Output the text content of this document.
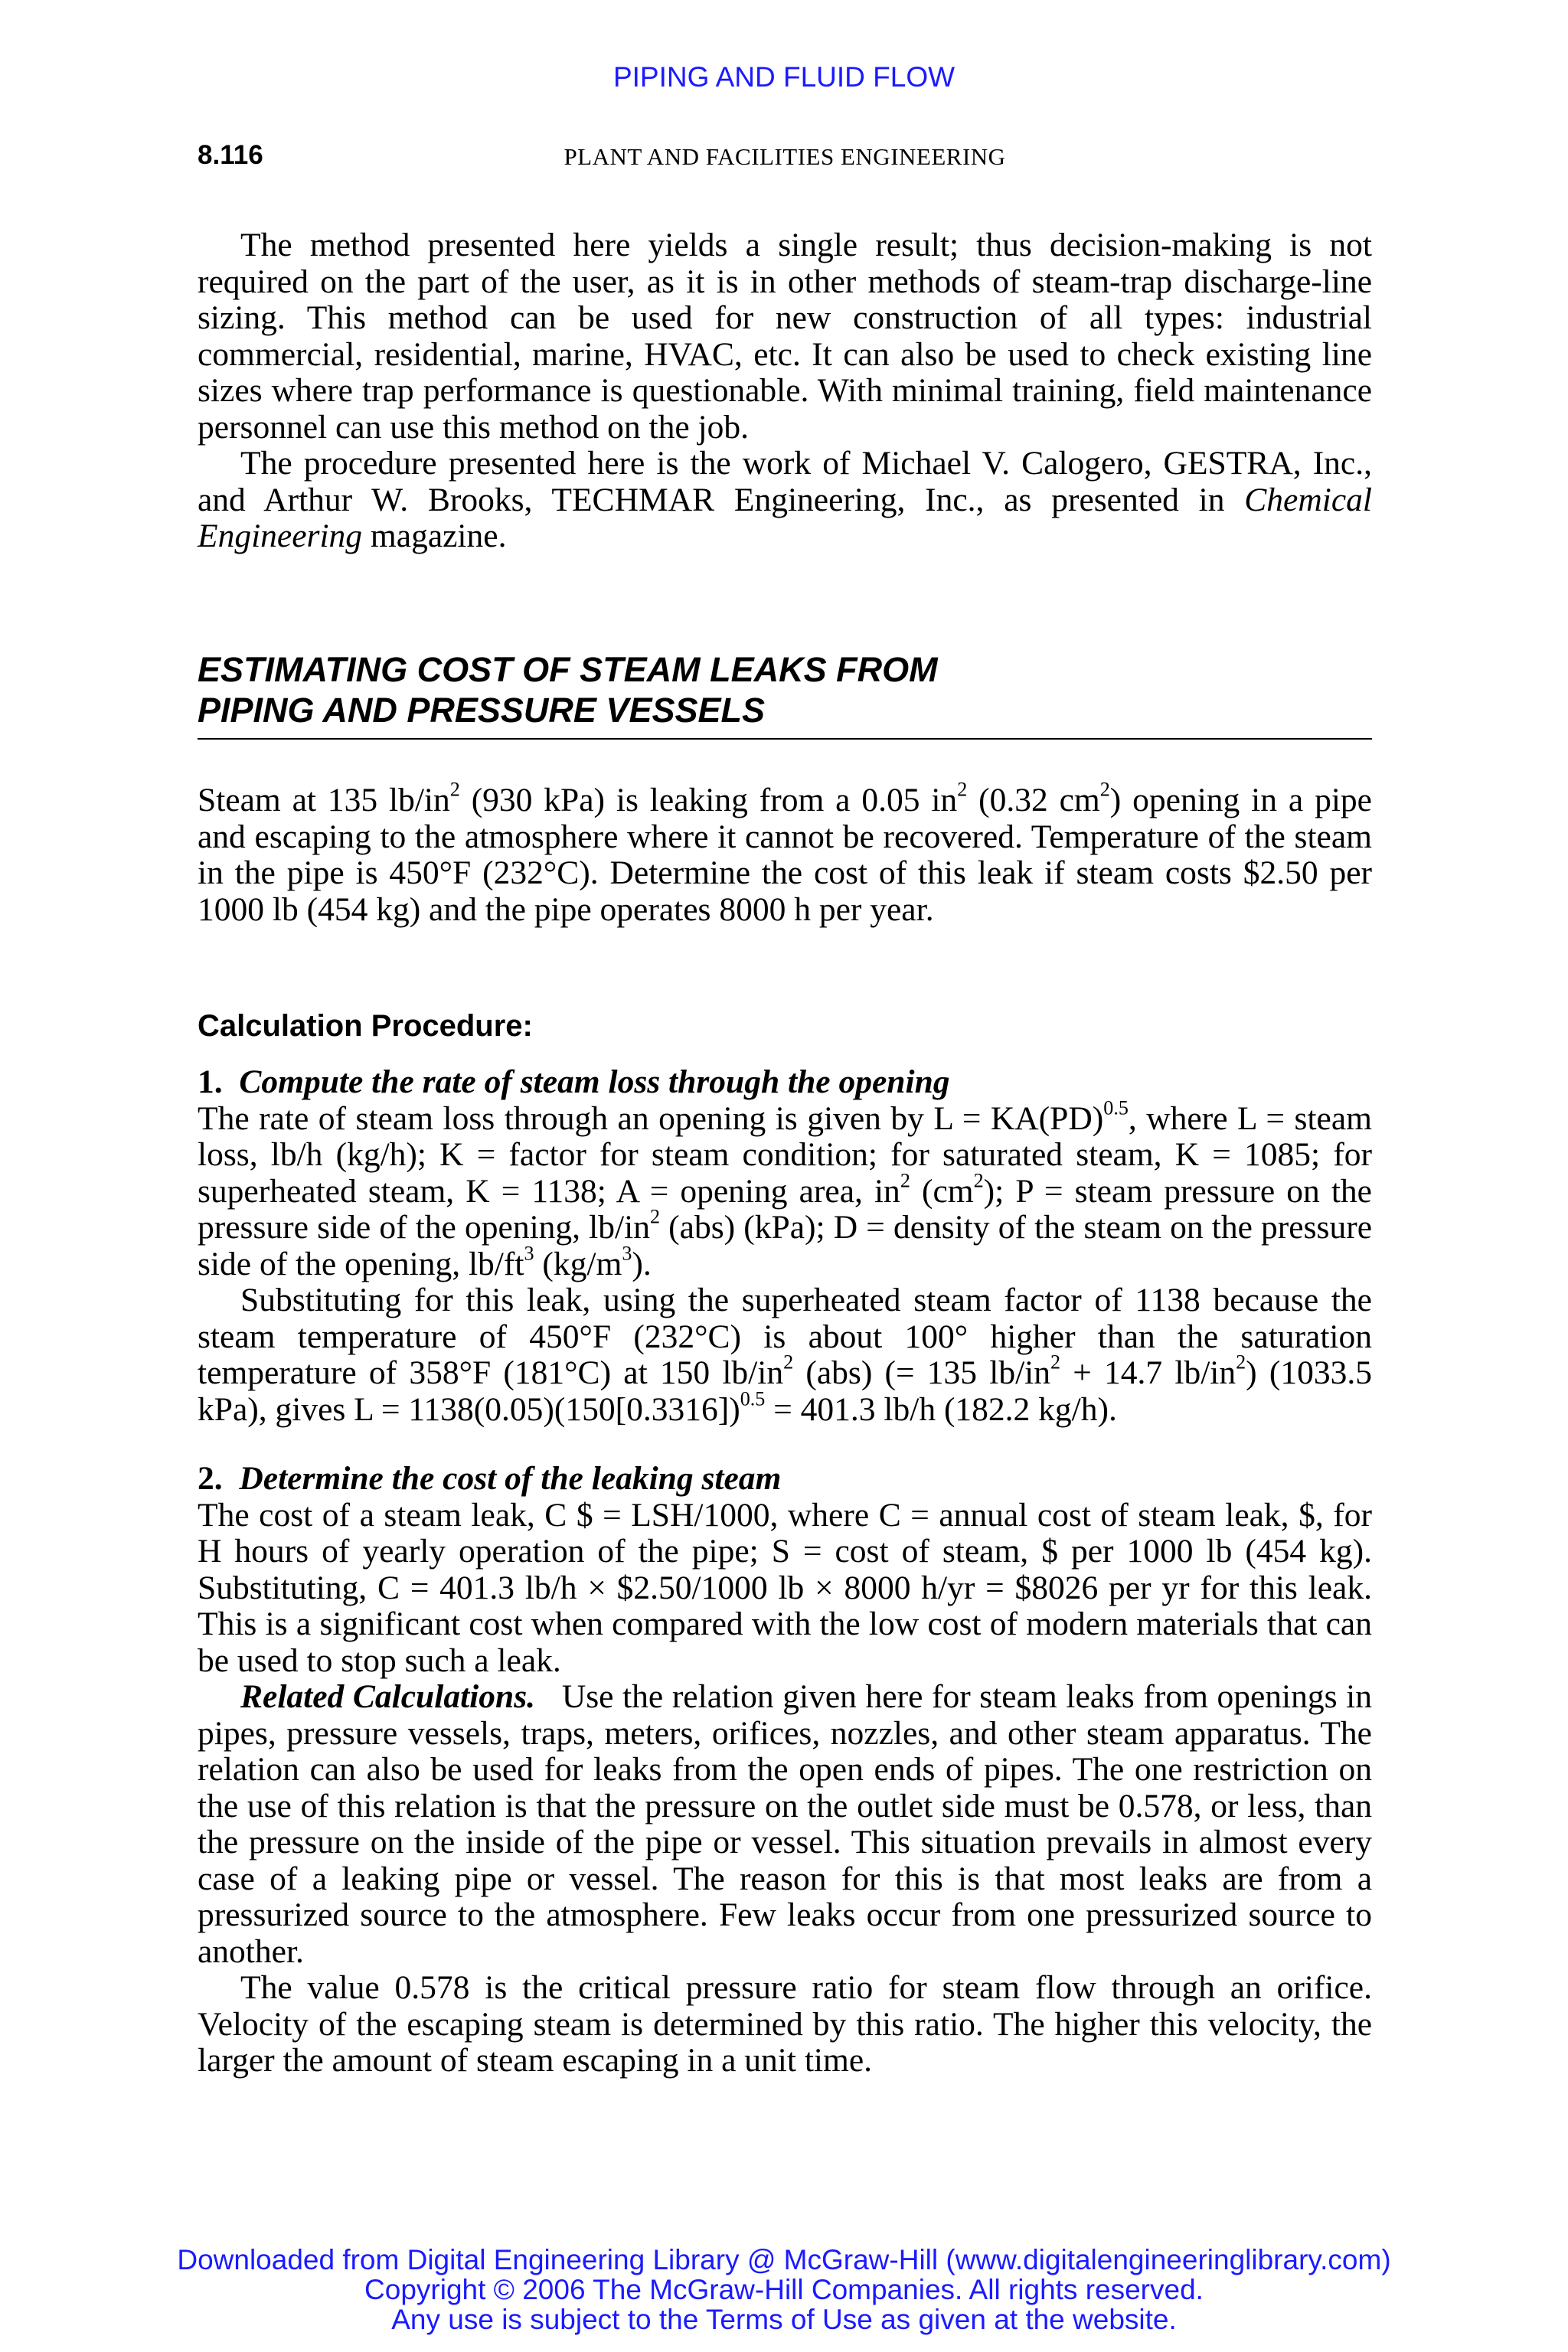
PIPING AND FLUID FLOW
8.116	PLANT AND FACILITIES ENGINEERING

The method presented here yields a single result; thus decision-making is not required on the part of the user, as it is in other methods of steam-trap discharge-line sizing. This method can be used for new construction of all types: industrial commercial, residential, marine, HVAC, etc. It can also be used to check existing line sizes where trap performance is questionable. With minimal training, field maintenance personnel can use this method on the job.

The procedure presented here is the work of Michael V. Calogero, GESTRA, Inc., and Arthur W. Brooks, TECHMAR Engineering, Inc., as presented in Chemical Engineering magazine.

ESTIMATING COST OF STEAM LEAKS FROM
PIPING AND PRESSURE VESSELS

Steam at 135 $lb/in^2$ (930 kPa) is leaking from a 0.05 $in^2$ (0.32 $cm^2$) opening in a pipe and escaping to the atmosphere where it cannot be recovered. Temperature of the steam in the pipe is 450°F (232°C). Determine the cost of this leak if steam costs $2.50 per 1000 lb (454 kg) and the pipe operates 8000 h per year.

Calculation Procedure:

1. Compute the rate of steam loss through the opening

The rate of steam loss through an opening is given by L = KA(PD)$^{0.5}$, where L = steam loss, lb/h (kg/h); K = factor for steam condition; for saturated steam, K = 1085; for superheated steam, K = 1138; A = opening area, $in^2$ $(cm^2)$; P = steam pressure on the pressure side of the opening, $lb/in^2$ (abs) (kPa); D = density of the steam on the pressure side of the opening, $lb/ft^3$ $(kg/m^3)$.

Substituting for this leak, using the superheated steam factor of 1138 because the steam temperature of 450°F (232°C) is about 100° higher than the saturation temperature of 358°F (181°C) at 150 $lb/in^2$ (abs) (= 135 $lb/in^2 + 14.7$ $lb/in^2$) (1033.5 kPa), gives $L = 1138(0.05)(150[0.3316])^{0.5} = 401.3$ lb/h (182.2 kg/h).

2. Determine the cost of the leaking steam

The cost of a steam leak, C $ = LSH/1000, where C = annual cost of steam leak, $, for H hours of yearly operation of the pipe; S = cost of steam, $ per 1000 lb (454 kg). Substituting, C = 401.3 lb/h × $2.50/1000 lb × 8000 h/yr = $8026 per yr for this leak. This is a significant cost when compared with the low cost of modern materials that can be used to stop such a leak.

Related Calculations. Use the relation given here for steam leaks from openings in pipes, pressure vessels, traps, meters, orifices, nozzles, and other steam apparatus. The relation can also be used for leaks from the open ends of pipes. The one restriction on the use of this relation is that the pressure on the outlet side must be 0.578, or less, than the pressure on the inside of the pipe or vessel. This situation prevails in almost every case of a leaking pipe or vessel. The reason for this is that most leaks are from a pressurized source to the atmosphere. Few leaks occur from one pressurized source to another.

The value 0.578 is the critical pressure ratio for steam flow through an orifice. Velocity of the escaping steam is determined by this ratio. The higher this velocity, the larger the amount of steam escaping in a unit time.

Downloaded from Digital Engineering Library @ McGraw-Hill (www.digitalengineeringlibrary.com)
Copyright © 2006 The McGraw-Hill Companies. All rights reserved.
Any use is subject to the Terms of Use as given at the website.
